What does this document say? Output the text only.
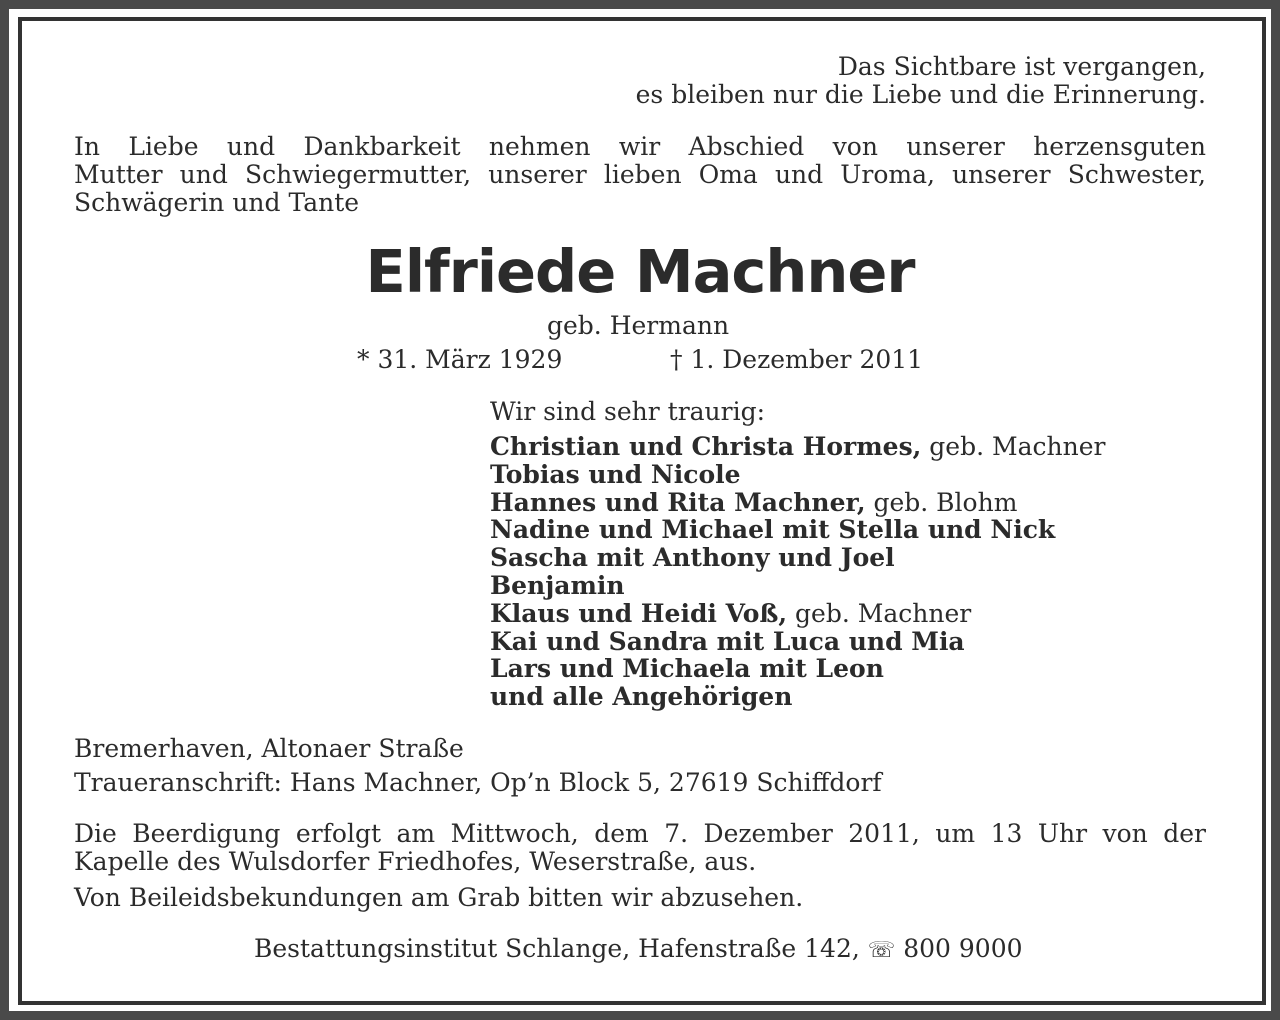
Das Sichtbare ist vergangen,
es bleiben nur die Liebe und die Erinnerung.
In Liebe und Dankbarkeit nehmen wir Abschied von unserer herzensguten
Mutter und Schwiegermutter, unserer lieben Oma und Uroma, unserer Schwester,
Schwägerin und Tante
Elfriede Machner
geb. Hermann
* 31. März 1929	† 1. Dezember 2011
Wir sind sehr traurig:
Christian und Christa Hormes, geb. Machner
Tobias und Nicole
Hannes und Rita Machner, geb. Blohm
Nadine und Michael mit Stella und Nick
Sascha mit Anthony und Joel
Benjamin
Klaus und Heidi Voß, geb. Machner
Kai und Sandra mit Luca und Mia
Lars und Michaela mit Leon
und alle Angehörigen
Bremerhaven, Altonaer Straße
Traueranschrift: Hans Machner, Op’n Block 5, 27619 Schiffdorf
Die Beerdigung erfolgt am Mittwoch, dem 7. Dezember 2011, um 13 Uhr von der
Kapelle des Wulsdorfer Friedhofes, Weserstraße, aus.
Von Beileidsbekundungen am Grab bitten wir abzusehen.
Bestattungsinstitut Schlange, Hafenstraße 142, ☏ 800 9000
